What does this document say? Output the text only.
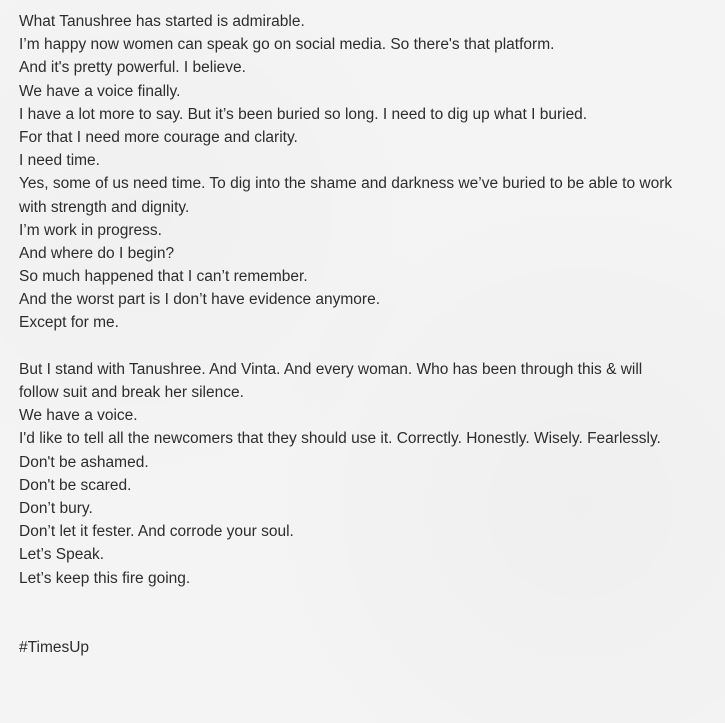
What Tanushree has started is admirable.
I’m happy now women can speak go on social media. So there's that platform.
And it's pretty powerful. I believe.
We have a voice finally.
I have a lot more to say. But it’s been buried so long. I need to dig up what I buried.
For that I need more courage and clarity.
I need time.
Yes, some of us need time. To dig into the shame and darkness we’ve buried to be able to work
with strength and dignity.
I’m work in progress.
And where do I begin?
So much happened that I can’t remember.
And the worst part is I don’t have evidence anymore.
Except for me.
But I stand with Tanushree. And Vinta. And every woman. Who has been through this & will
follow suit and break her silence.
We have a voice.
I'd like to tell all the newcomers that they should use it. Correctly. Honestly. Wisely. Fearlessly.
Don't be ashamed.
Don't be scared.
Don’t bury.
Don’t let it fester. And corrode your soul.
Let’s Speak.
Let’s keep this fire going.
#TimesUp
